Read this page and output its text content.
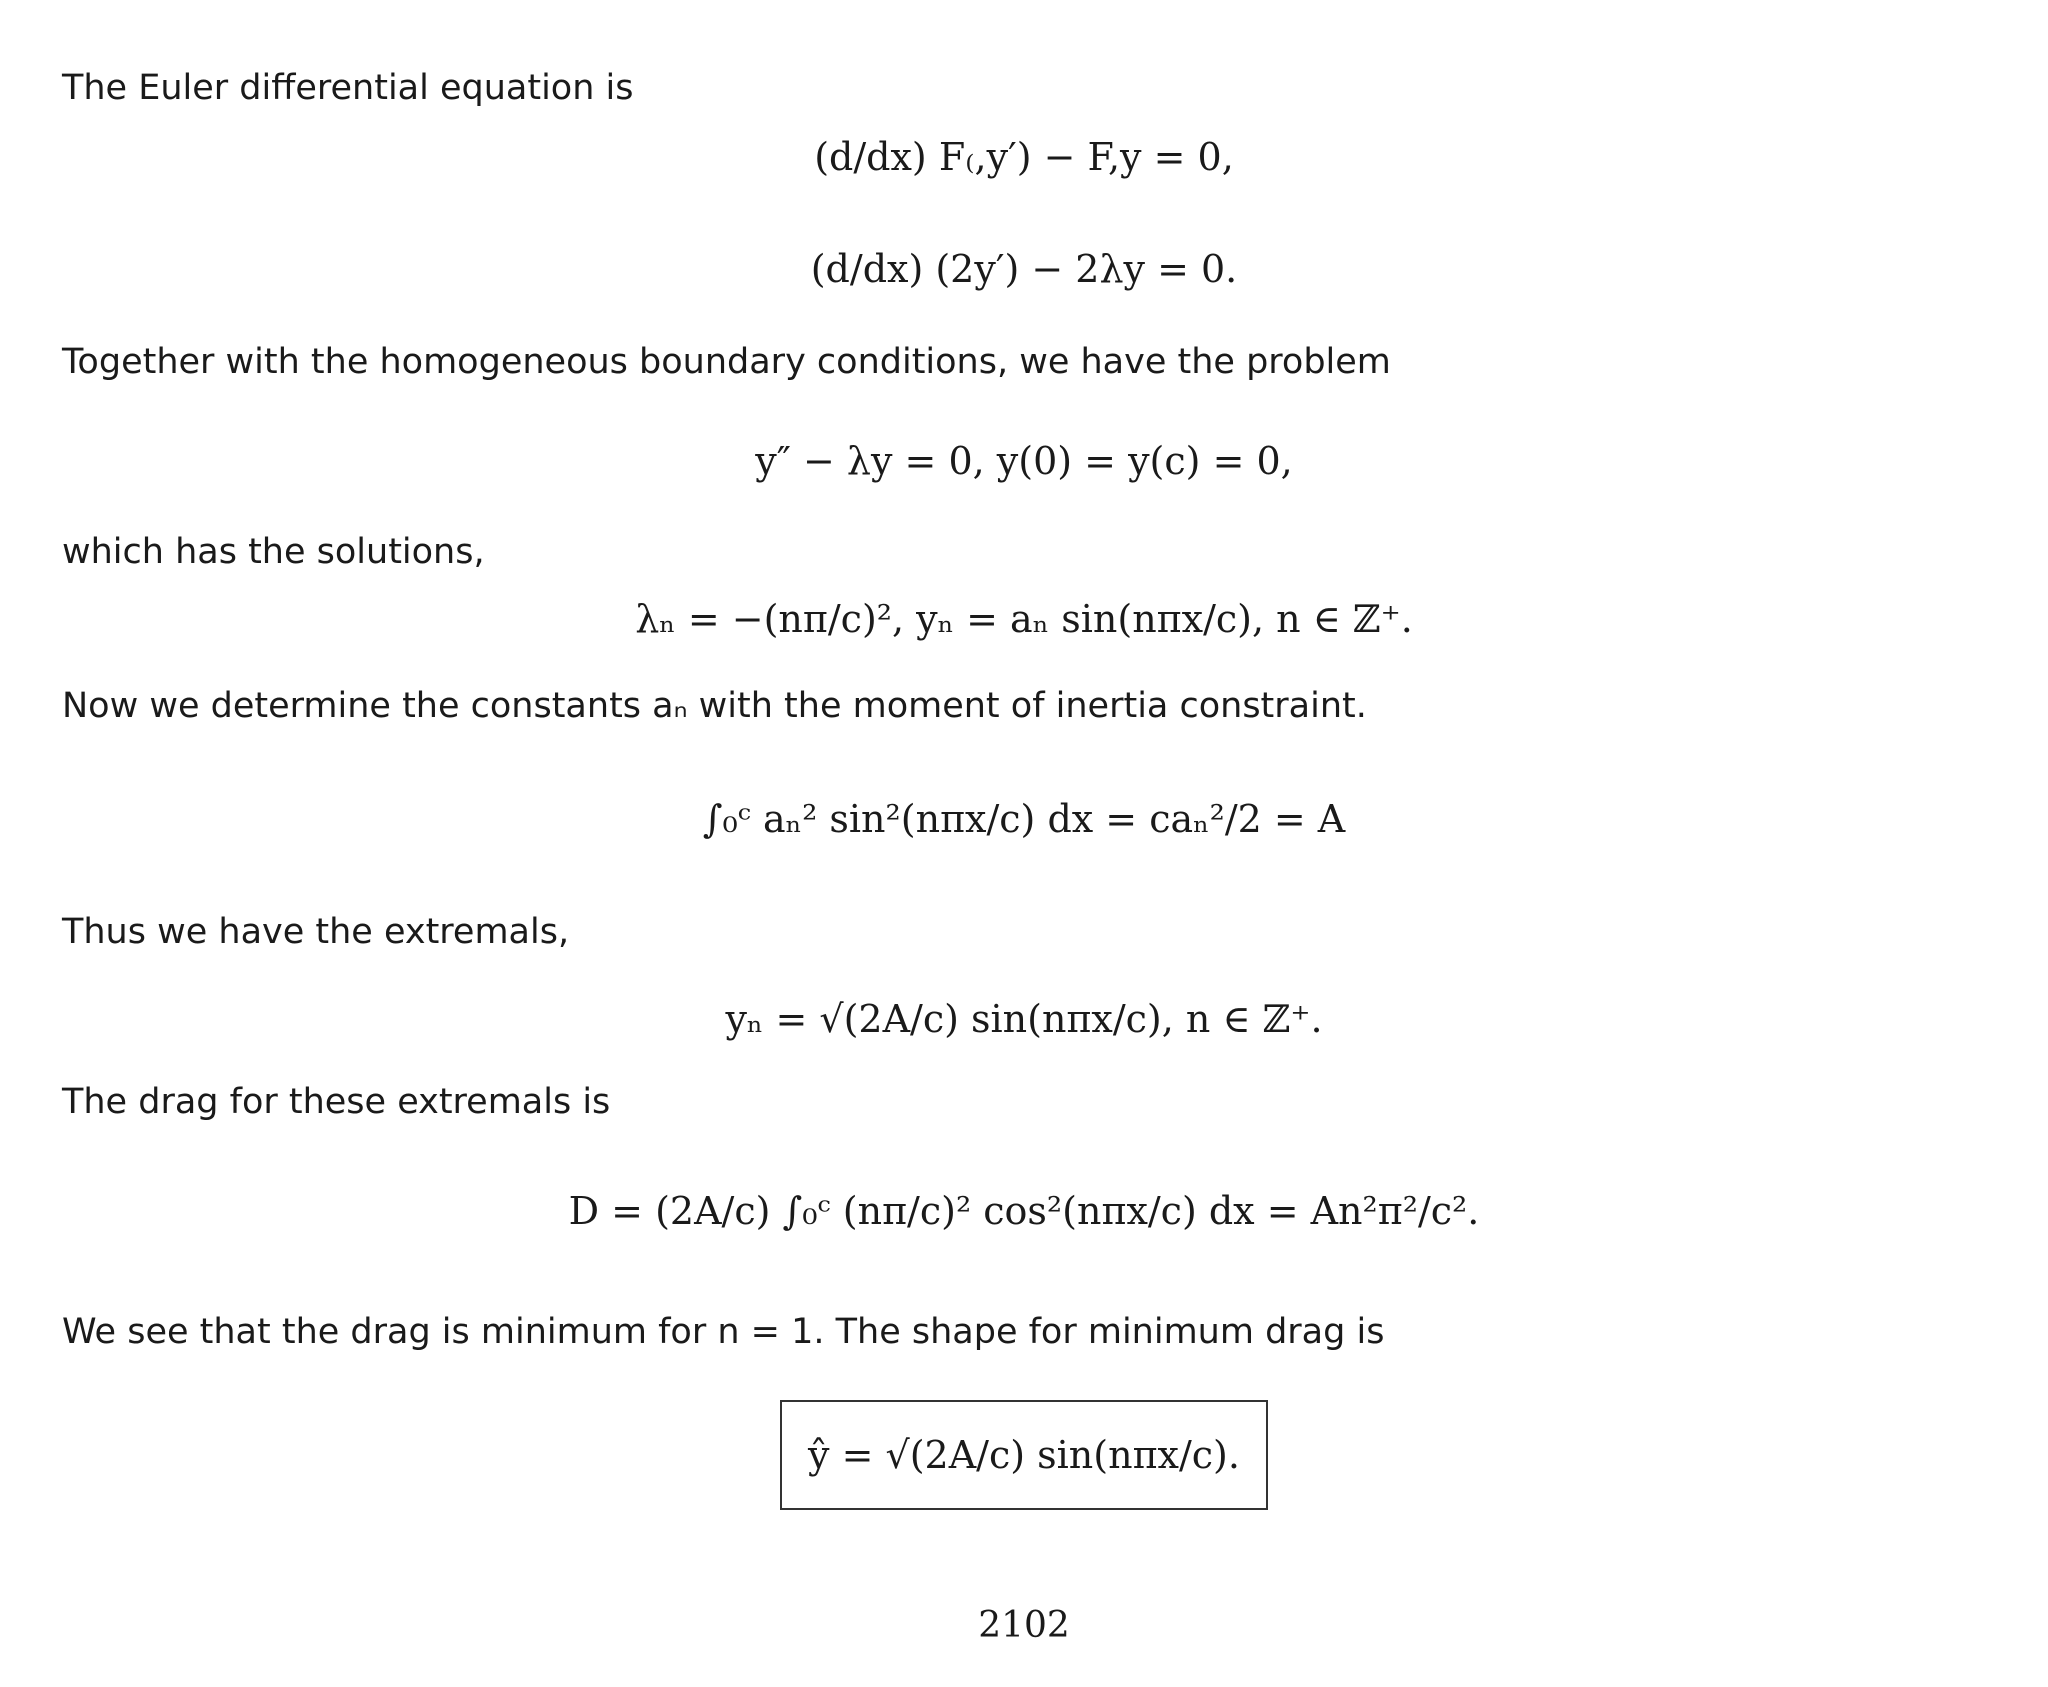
The Euler differential equation is

(d/dx) F₍,y′) − F,y = 0,
(d/dx) (2y′) − 2λy = 0.

Together with the homogeneous boundary conditions, we have the problem

y″ − λy = 0, y(0) = y(c) = 0,

which has the solutions,

λₙ = −(nπ/c)², yₙ = aₙ sin(nπx/c), n ∈ ℤ⁺.

Now we determine the constants aₙ with the moment of inertia constraint.

∫₀ᶜ aₙ² sin²(nπx/c) dx = caₙ²/2 = A

Thus we have the extremals,

yₙ = √(2A/c) sin(nπx/c), n ∈ ℤ⁺.

The drag for these extremals is

D = (2A/c) ∫₀ᶜ (nπ/c)² cos²(nπx/c) dx = An²π²/c².

We see that the drag is minimum for n = 1. The shape for minimum drag is

ŷ = √(2A/c) sin(nπx/c).
2102
